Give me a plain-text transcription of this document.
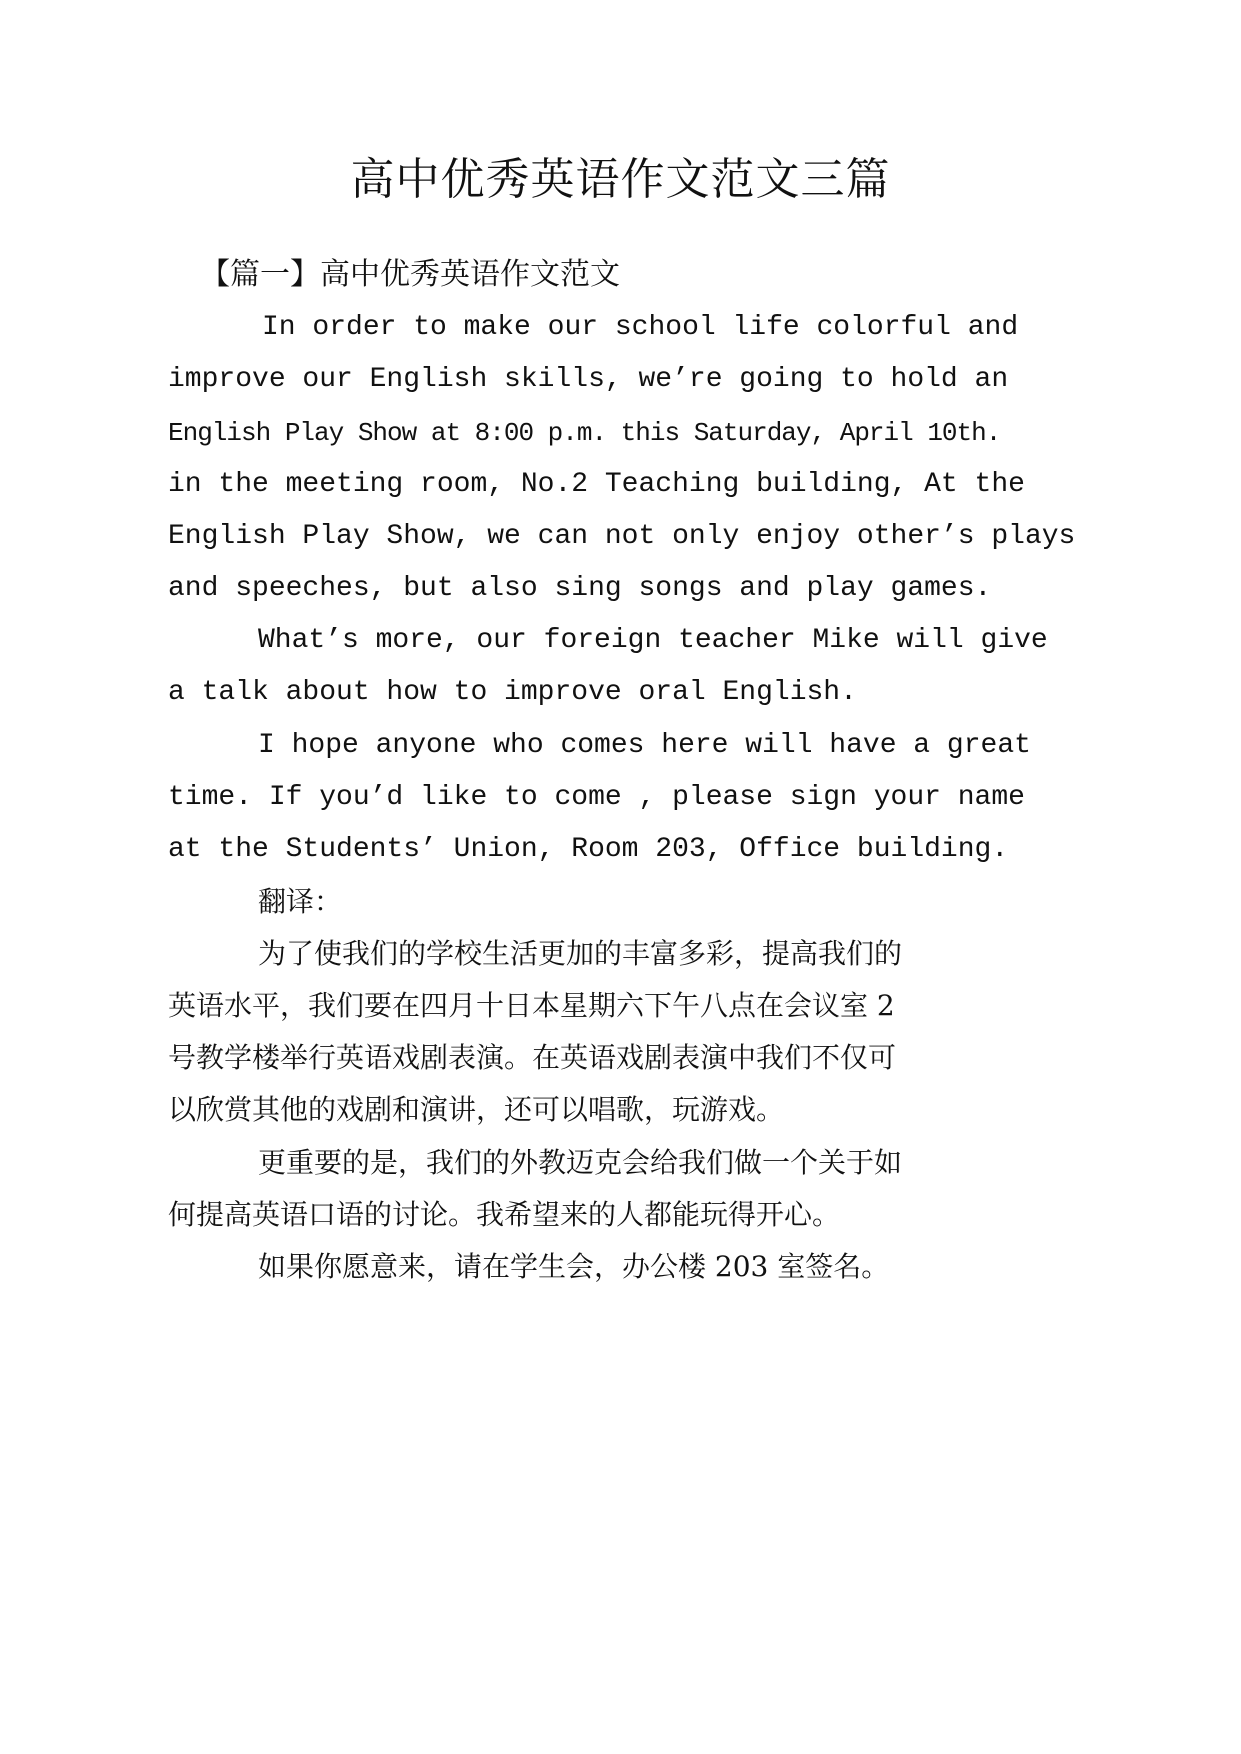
高中优秀英语作文范文三篇
【篇一】高中优秀英语作文范文
In order to make our school life colorful and
improve our English skills, we’re going to hold an
English Play Show at 8:00 p.m. this Saturday, April 10th.
in the meeting room, No.2 Teaching building, At the
English Play Show, we can not only enjoy other’s plays
and speeches, but also sing songs and play games.
What’s more, our foreign teacher Mike will give
a talk about how to improve oral English.
I hope anyone who comes here will have a great
time. If you’d like to come , please sign your name
at the Students’ Union, Room 203, Office building.
翻译：
为了使我们的学校生活更加的丰富多彩，提高我们的
英语水平，我们要在四月十日本星期六下午八点在会议室 2
号教学楼举行英语戏剧表演。在英语戏剧表演中我们不仅可
以欣赏其他的戏剧和演讲，还可以唱歌，玩游戏。
更重要的是，我们的外教迈克会给我们做一个关于如
何提高英语口语的讨论。我希望来的人都能玩得开心。
如果你愿意来，请在学生会，办公楼 203 室签名。
